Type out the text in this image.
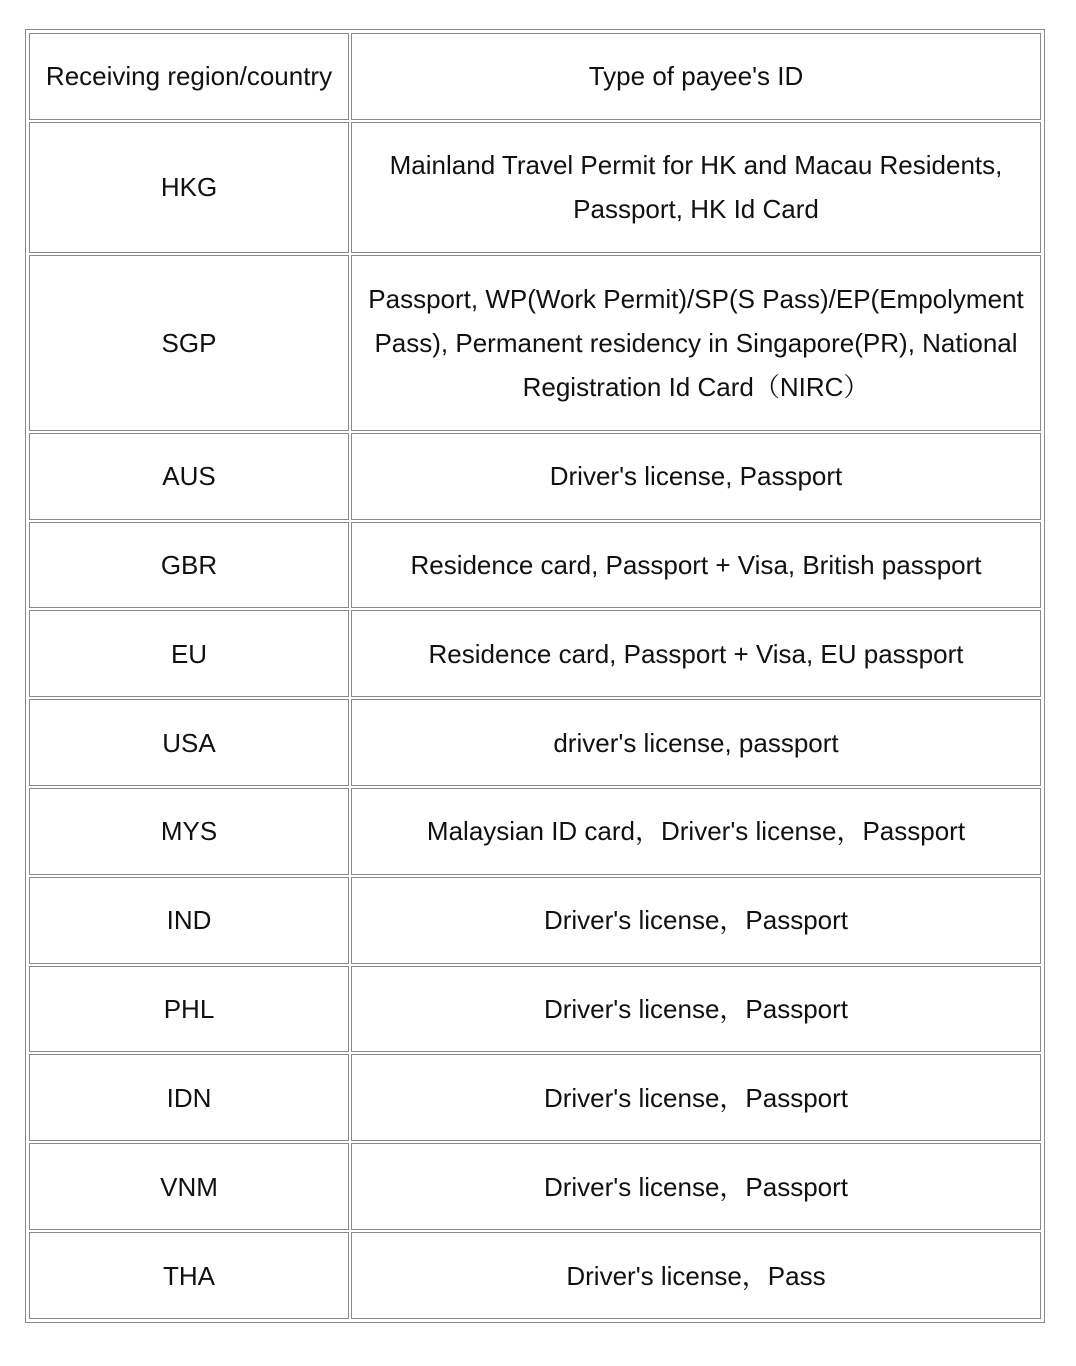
Receiving region/country	Type of payee's ID
HKG	Mainland Travel Permit for HK and Macau Residents, Passport, HK Id Card
SGP	Passport, WP(Work Permit)/SP(S Pass)/EP(Empolyment Pass), Permanent residency in Singapore(PR), National Registration Id Card（NIRC）
AUS	Driver's license, Passport
GBR	Residence card, Passport + Visa, British passport
EU	Residence card, Passport + Visa, EU passport
USA	driver's license, passport
MYS	Malaysian ID card，Driver's license，Passport
IND	Driver's license，Passport
PHL	Driver's license，Passport
IDN	Driver's license，Passport
VNM	Driver's license，Passport
THA	Driver's license，Pass
